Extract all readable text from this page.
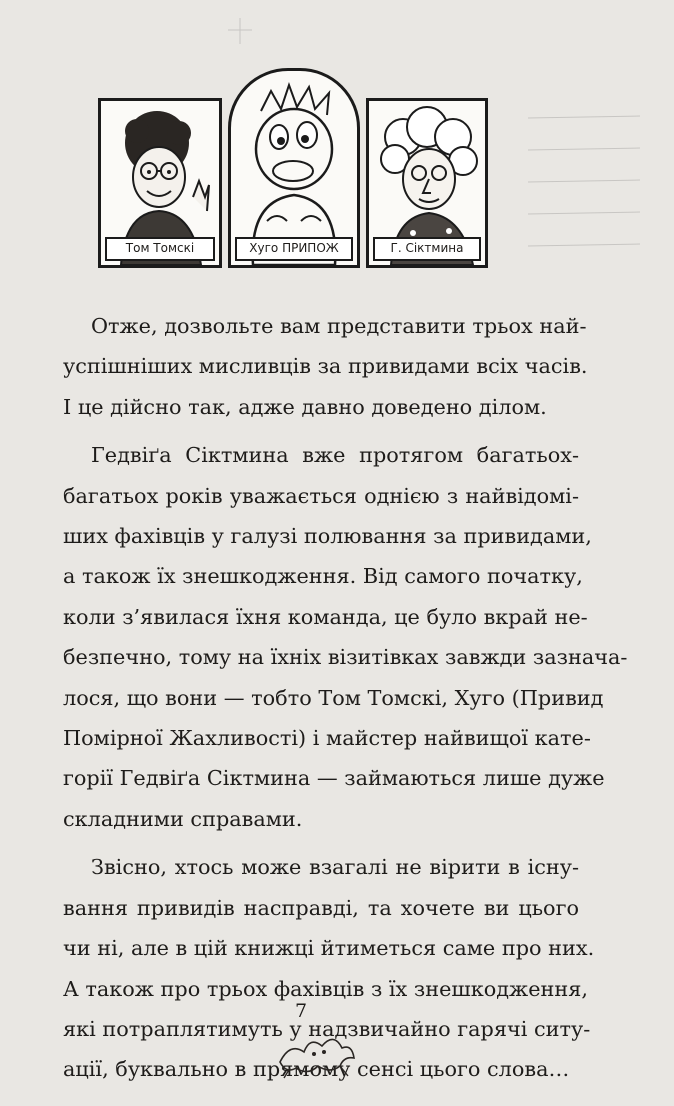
Том Томскі	Хуго ПРИПОЖ	Г. Сіктмина
Отже, дозвольте вам представити трьох най-
успішніших мисливців за привидами всіх часів.
І це дійсно так, адже давно доведено ділом.
Гедвіґа Сіктмина вже протягом багатьох-
багатьох років уважається однією з найвідомі-
ших фахівців у галузі полювання за привидами,
а також їх знешкодження. Від самого початку,
коли з’явилася їхня команда, це було вкрай не-
безпечно, тому на їхніх візитівках завжди зазнача-
лося, що вони — тобто Том Томскі, Хуго (Привид
Помірної Жахливості) і майстер найвищої кате-
горії Гедвіґа Сіктмина — займаються лише дуже
складними справами.
Звісно, хтось може взагалі не вірити в існу-
вання привидів насправді, та хочете ви цього
чи ні, але в цій книжці йтиметься саме про них.
А також про трьох фахівців з їх знешкодження,
які потраплятимуть у надзвичайно гарячі ситу-
ації, буквально в прямому сенсі цього слова…
7
